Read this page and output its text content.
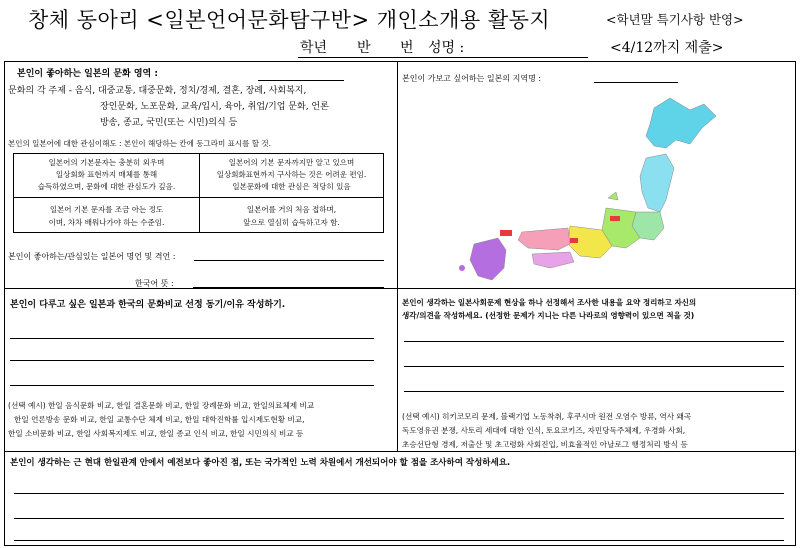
창체 동아리 <일본언어문화탐구반> 개인소개용 활동지	<학년말 특기사항 반영>
학년 반 번 성명 :	<4/12까지 제출>
본인이 좋아하는 일본의 문화 영역 :
문화의 각 주제 - 음식, 대중교통, 대중문화, 정치/경제, 결혼, 장례, 사회복지,
장인문화, 노포문화, 교육/입시, 육아, 취업/기업 문화, 언론
방송, 종교, 국민(또는 시민)의식 등
본인의 일본어에 대한 관심이해도 : 본인이 해당하는 칸에 동그라미 표시를 할 것.
일본어의 기본문자는 충분히 외우며
일상회화 표현까지 매체를 통해
습득하였으며, 문화에 대한 관심도가 깊음.
일본어의 기본 문자까지만 알고 있으며
일상회화표현까지 구사하는 것은 어려운 편임.
일본문화에 대한 관심은 적당히 있음
일본어 기본 문자를 조금 아는 정도
이며, 차차 배워나가야 하는 수준임.
일본어를 거의 처음 접하며,
앞으로 열심히 습득하고자 함.
본인이 좋아하는/관심있는 일본어 명언 및 격언 :
한국어 뜻 :
본인이 가보고 싶어하는 일본의 지역명 :
본인이 다루고 싶은 일본과 한국의 문화비교 선정 동기/이유 작성하기.
(선택 예시) 한일 음식문화 비교, 한일 결혼문화 비교, 한일 장례문화 비교, 한일의료체제 비교
한일 언론방송 문화 비교, 한일 교통수단 체제 비교, 한일 대학진학률 입시제도현황 비교,
한일 소비문화 비교, 한일 사회복지제도 비교, 한일 종교 인식 비교, 한일 시민의식 비교 등
본인이 생각하는 일본사회문제 현상을 하나 선정해서 조사한 내용을 요약 정리하고 자신의
생각/의견을 작성하세요. (선정한 문제가 지니는 다른 나라로의 영향력이 있으면 적을 것)
(선택 예시) 히키코모리 문제, 블랙기업 노동착취, 후쿠시마 원전 오염수 방류, 역사 왜곡
독도영유권 분쟁, 사토리 세대에 대한 인식, 토요코키즈, 자민당독주체제, 우경화 사회,
초승선단형 경제, 저출산 및 초고령화 사회진입, 비효율적인 아날로그 행정처리 방식 등
본인이 생각하는 근 현대 한일관계 안에서 예전보다 좋아진 점, 또는 국가적인 노력 차원에서 개선되어야 할 점을 조사하여 작성하세요.
